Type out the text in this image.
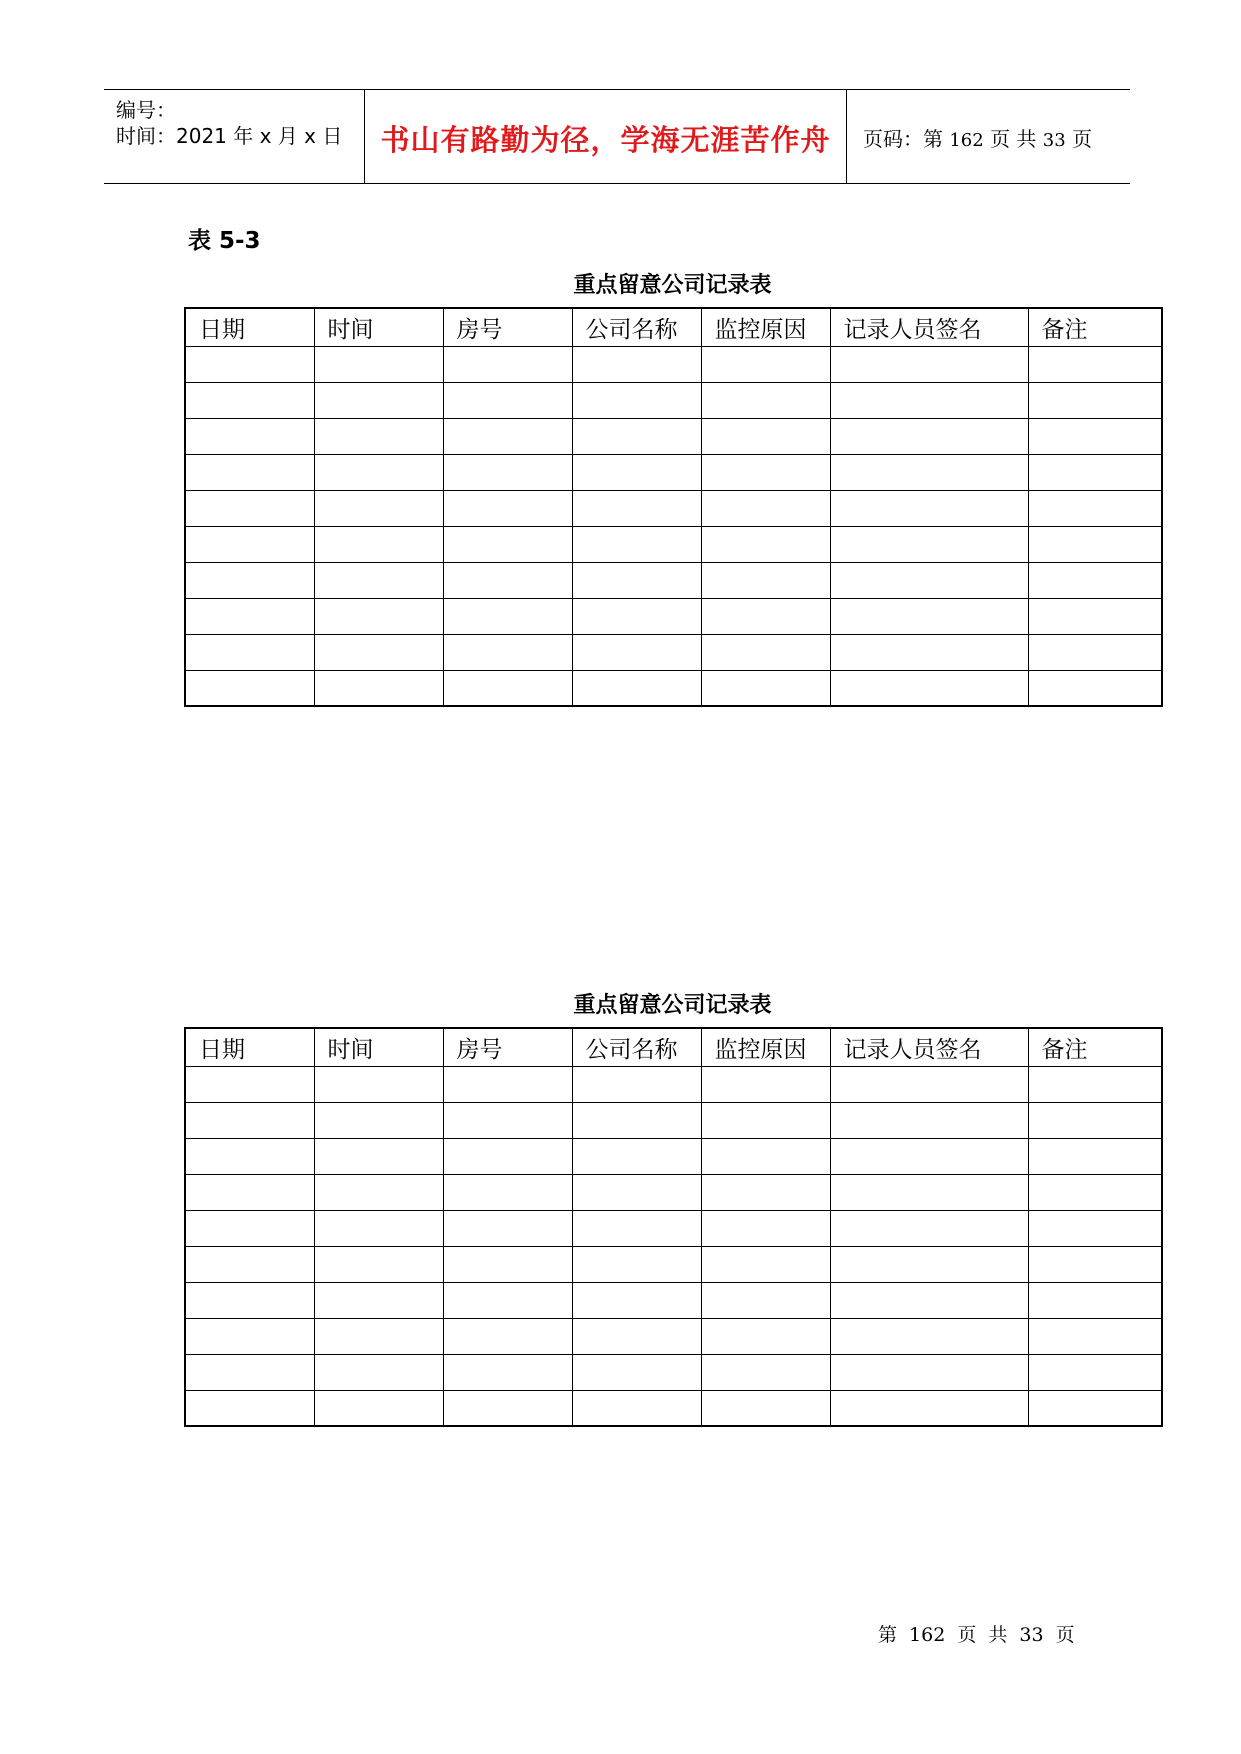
编号：
时间：2021 年 x 月 x 日	书山有路勤为径，学海无涯苦作舟	页码：第 162 页 共 33 页
表 5-3
重点留意公司记录表
日期	时间	房号	公司名称	监控原因	记录人员签名	备注

重点留意公司记录表
日期	时间	房号	公司名称	监控原因	记录人员签名	备注

第 162 页 共 33 页
